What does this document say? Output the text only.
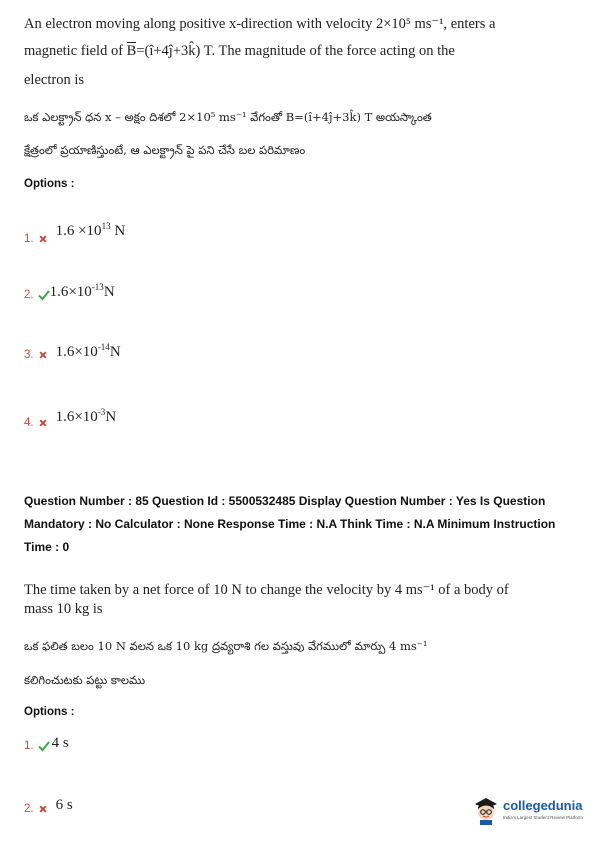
An electron moving along positive x-direction with velocity 2×10⁵ ms⁻¹, enters a
magnetic field of B=(î+4ĵ+3k̂) T. The magnitude of the force acting on the
electron is
ఒక ఎలక్ట్రాన్ ధన x – అక్షం దిశలో 2×10⁵ ms⁻¹ వేగంతో B=(î+4ĵ+3k̂) T అయస్కాంత
క్షేత్రంలో ప్రయాణిస్తుంటే, ఆ ఎలక్ట్రాన్ పై పని చేసే బల పరిమాణం
Options :
1.
$1.6 \times 10^{13}$ N
2. $1.6\times 10^{-13}N$
3. $1.6\times 10^{-14}N$
4. $1.6\times 10^{-3}N$
Question Number : 85 Question Id : 5500532485 Display Question Number : Yes Is Question
Mandatory : No Calculator : None Response Time : N.A Think Time : N.A Minimum Instruction
Time : 0
The time taken by a net force of 10 N to change the velocity by 4 ms⁻¹ of a body of
mass 10 kg is
ఒక ఫలిత బలం 10 N వలన ఒక 10 kg ద్రవ్యరాశి గల వస్తువు వేగములో మార్పు 4 ms⁻¹
కలిగించుటకు పట్టు కాలము
Options :
1. 4 s
2. 6 s	collegedunia
India's Largest Student Review Platform
